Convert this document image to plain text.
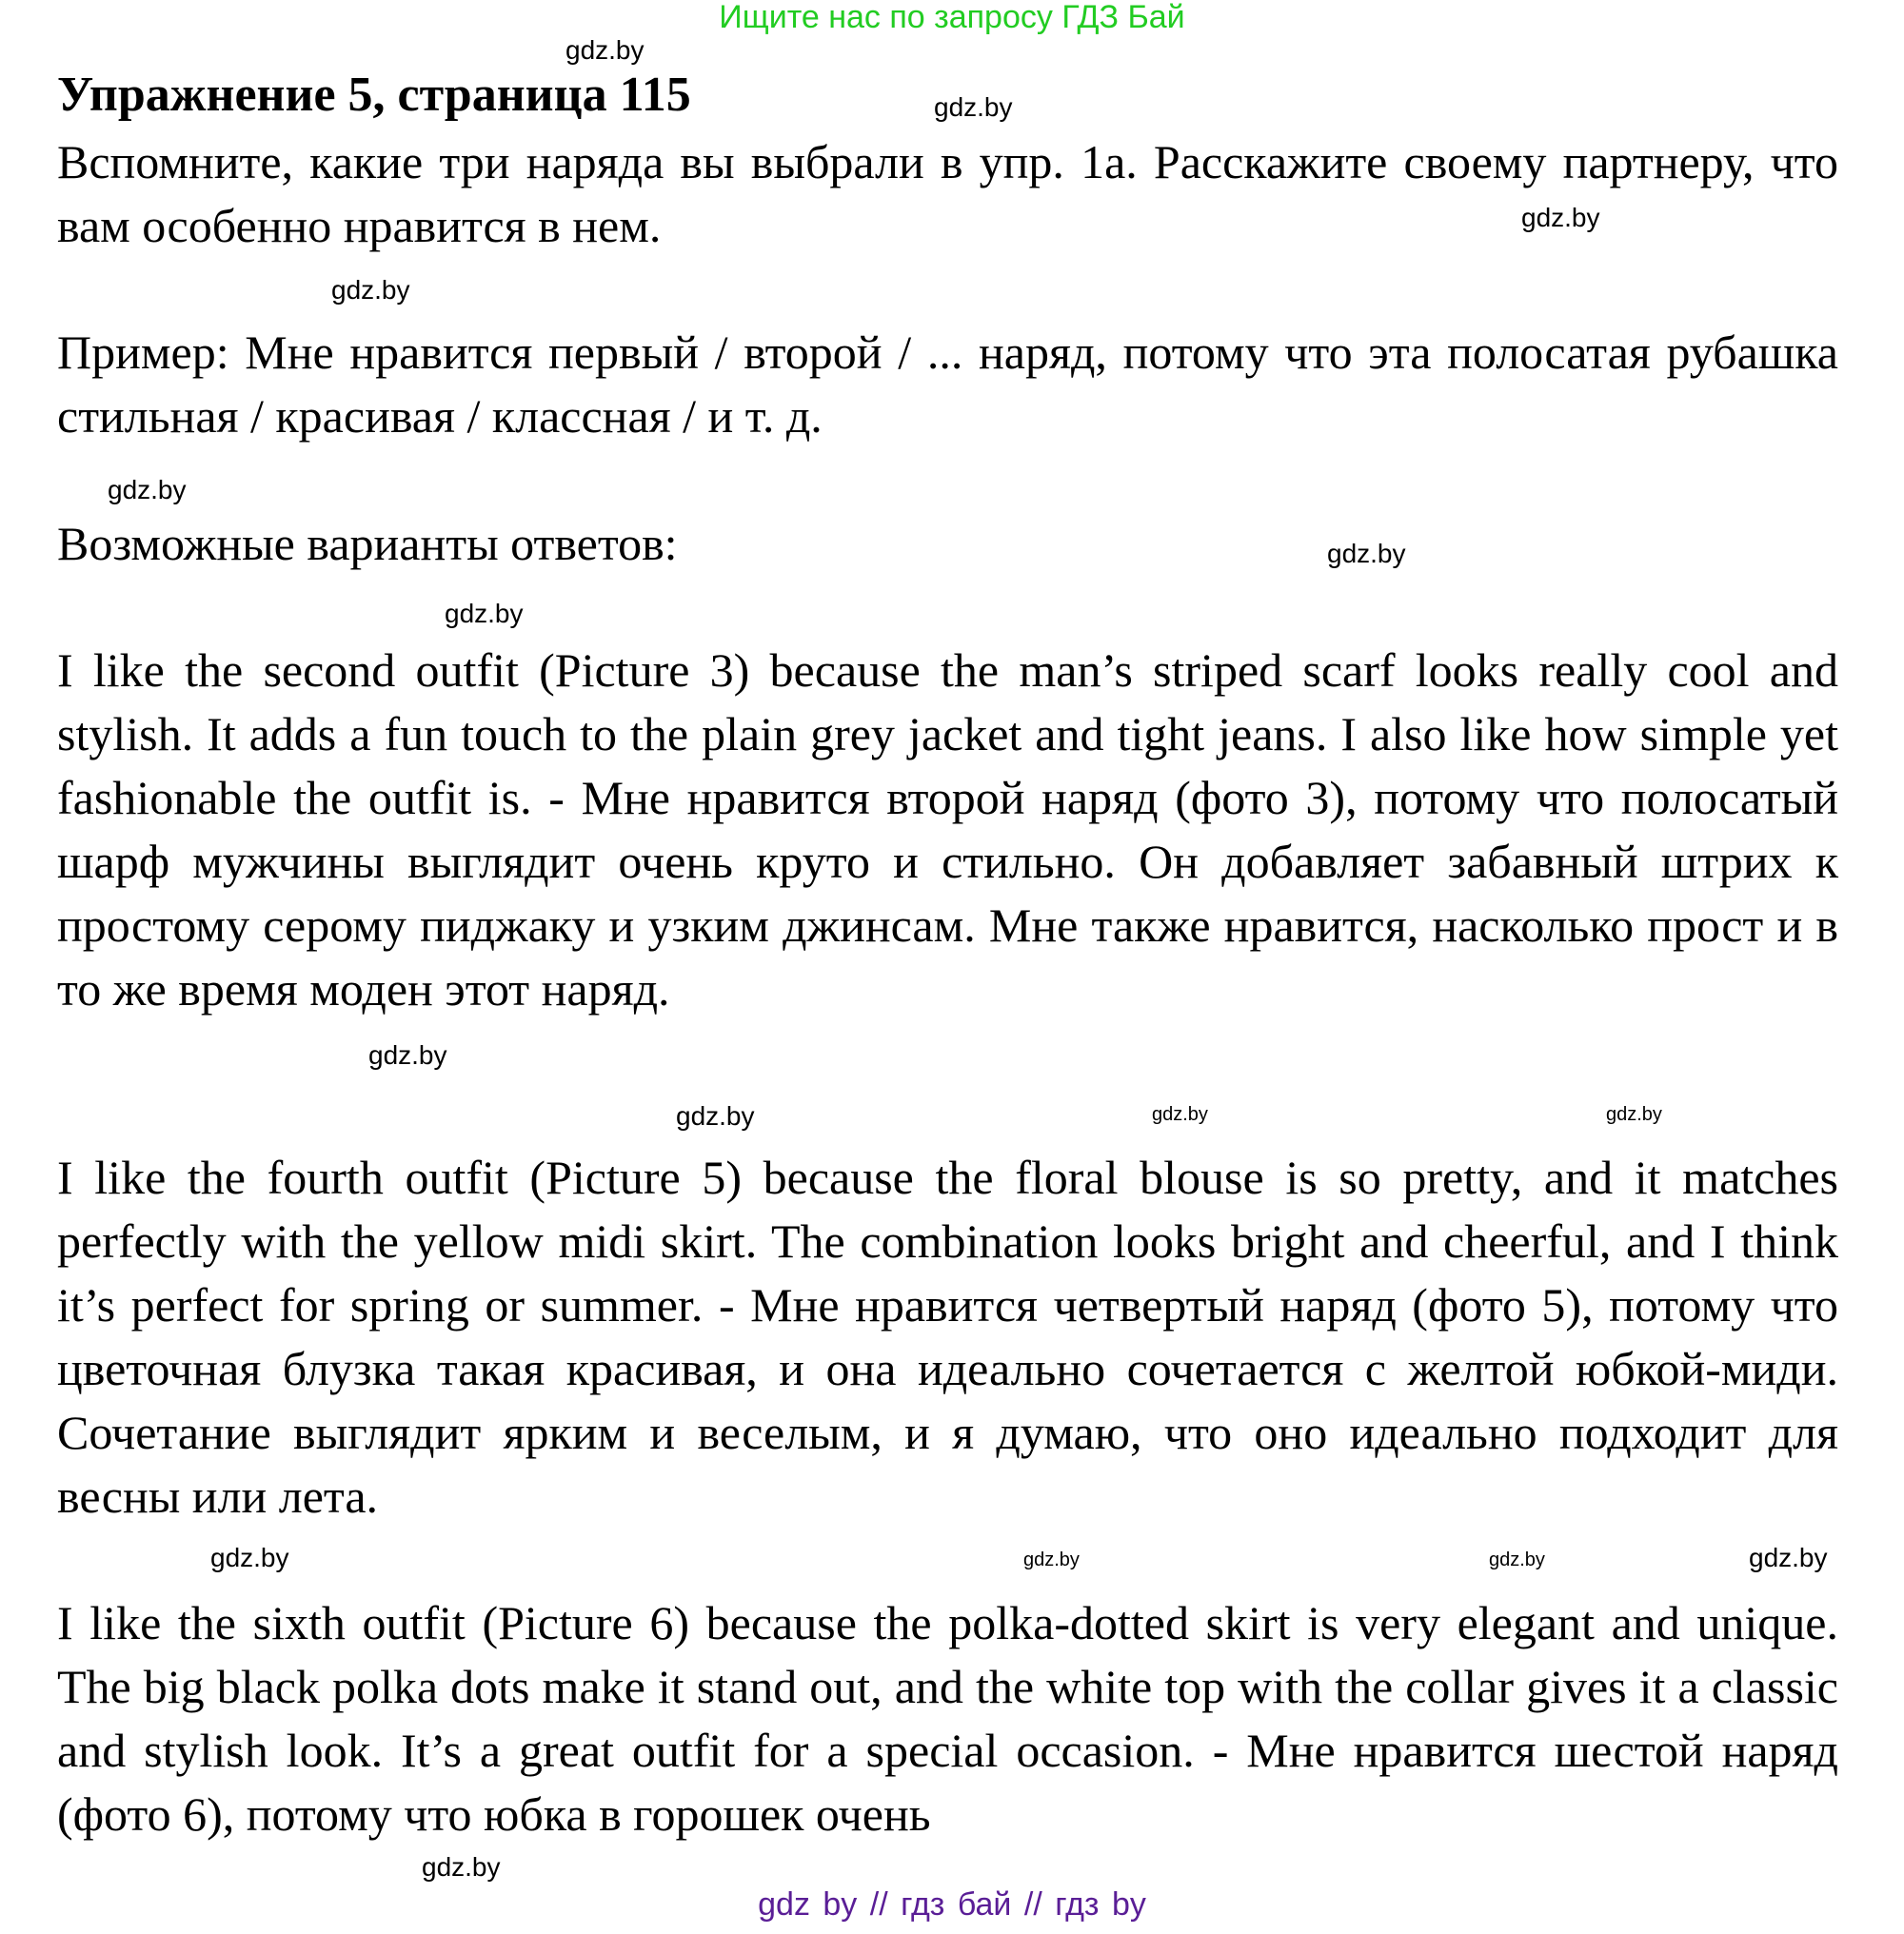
Ищите нас по запросу ГДЗ Бай
Упражнение 5, страница 115
Вспомните, какие три наряда вы выбрали в упр. 1а. Расскажите своему партнеру, что вам особенно нравится в нем.
Пример: Мне нравится первый / второй / ... наряд, потому что эта полосатая рубашка стильная / красивая / классная / и т. д.
Возможные варианты ответов:
I like the second outfit (Picture 3) because the man’s striped scarf looks really cool and stylish. It adds a fun touch to the plain grey jacket and tight jeans. I also like how simple yet fashionable the outfit is. - Мне нравится второй наряд (фото 3), потому что полосатый шарф мужчины выглядит очень круто и стильно. Он добавляет забавный штрих к простому серому пиджаку и узким джинсам. Мне также нравится, насколько прост и в то же время моден этот наряд.
I like the fourth outfit (Picture 5) because the floral blouse is so pretty, and it matches perfectly with the yellow midi skirt. The combination looks bright and cheerful, and I think it’s perfect for spring or summer. - Мне нравится четвертый наряд (фото 5), потому что цветочная блузка такая красивая, и она идеально сочетается с желтой юбкой-миди. Сочетание выглядит ярким и веселым, и я думаю, что оно идеально подходит для весны или лета.
I like the sixth outfit (Picture 6) because the polka-dotted skirt is very elegant and unique. The big black polka dots make it stand out, and the white top with the collar gives it a classic and stylish look. It’s a great outfit for a special occasion. - Мне нравится шестой наряд (фото 6), потому что юбка в горошек очень
gdz.by
gdz.by
gdz.by
gdz.by
gdz.by
gdz.by
gdz.by
gdz.by
gdz.by
gdz.by	gdz.by
gdz.by	gdz.by
gdz.by	gdz.by
gdz.by
gdz by // гдз бай // гдз by
